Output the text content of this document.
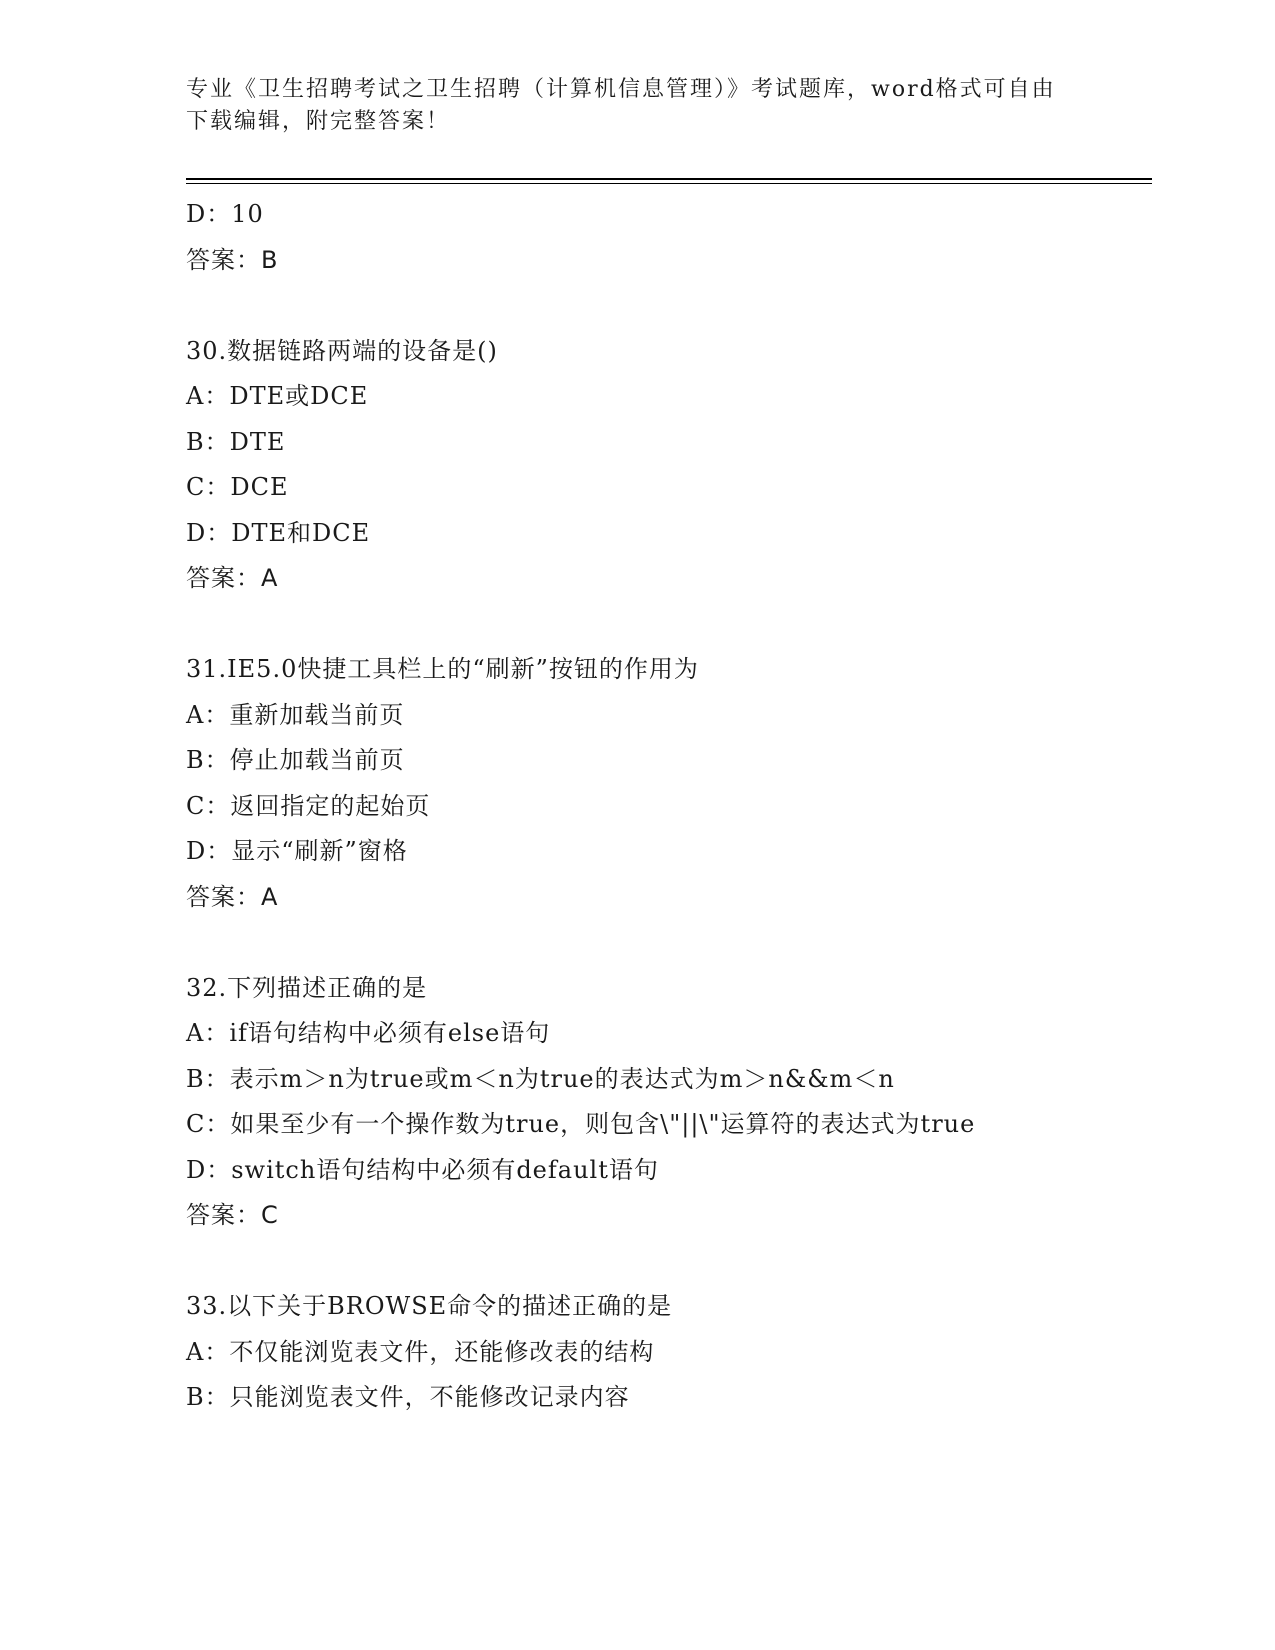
专业《卫生招聘考试之卫生招聘（计算机信息管理）》考试题库，word格式可自由下载编辑，附完整答案！
D：10
答案：B
30.数据链路两端的设备是()
A：DTE或DCE
B：DTE
C：DCE
D：DTE和DCE
答案：A
31.IE5.0快捷工具栏上的“刷新”按钮的作用为
A：重新加载当前页
B：停止加载当前页
C：返回指定的起始页
D：显示“刷新”窗格
答案：A
32.下列描述正确的是
A：if语句结构中必须有else语句
B：表示m＞n为true或m＜n为true的表达式为m＞n&&m＜n
C：如果至少有一个操作数为true，则包含\"||\"运算符的表达式为true
D：switch语句结构中必须有default语句
答案：C
33.以下关于BROWSE命令的描述正确的是
A：不仅能浏览表文件，还能修改表的结构
B：只能浏览表文件，不能修改记录内容
